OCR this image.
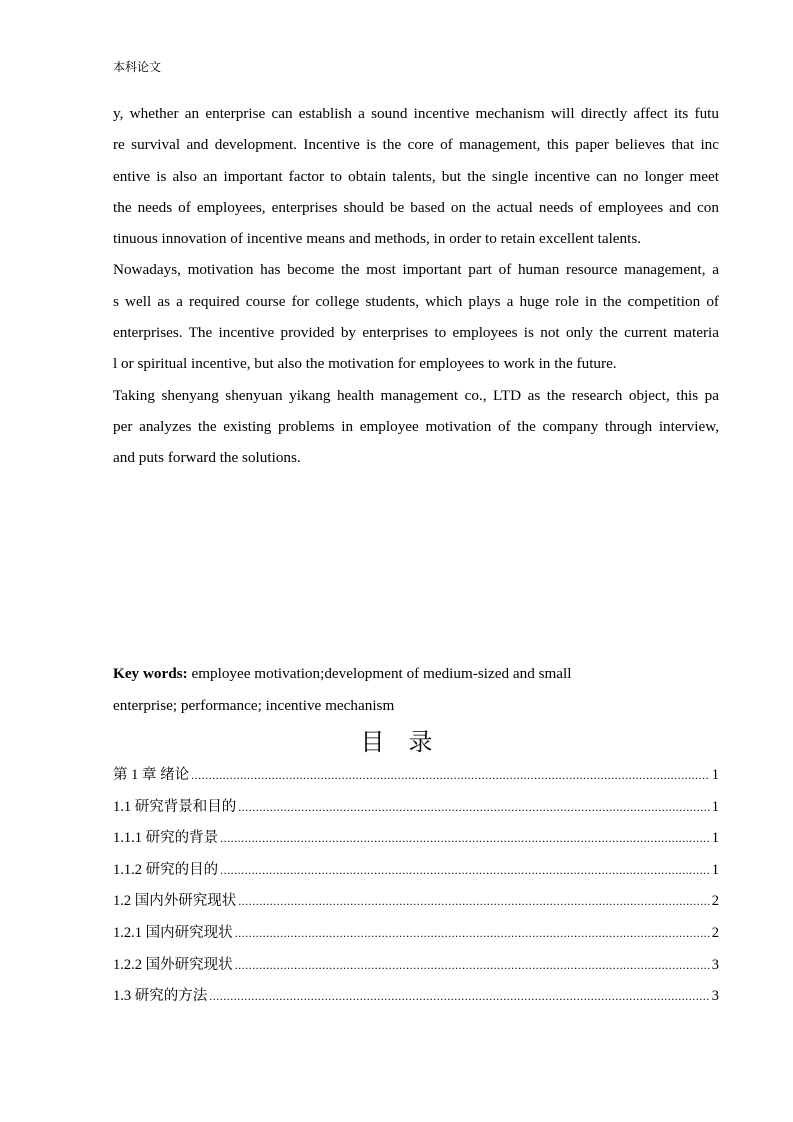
本科论文
y, whether an enterprise can establish a sound incentive mechanism will directly affect its futu
re survival and development. Incentive is the core of management, this paper believes that inc
entive is also an important factor to obtain talents, but the single incentive can no longer meet
the needs of employees, enterprises should be based on the actual needs of employees and con
tinuous innovation of incentive means and methods, in order to retain excellent talents.
Nowadays, motivation has become the most important part of human resource management, a
s well as a required course for college students, which plays a huge role in the competition of
enterprises. The incentive provided by enterprises to employees is not only the current materia
l or spiritual incentive, but also the motivation for employees to work in the future.
Taking shenyang shenyuan yikang health management co., LTD as the research object, this pa
per analyzes the existing problems in employee motivation of the company through interview,
and puts forward the solutions.
Key words: employee motivation;development of medium-sized and small
enterprise; performance; incentive mechanism
目　录
第 1 章 绪论 .....	1
1.1 研究背景和目的 .....	1
1.1.1 研究的背景 .....	1
1.1.2 研究的目的 .....	1
1.2 国内外研究现状 .....	2
1.2.1 国内研究现状 .....	2
1.2.2 国外研究现状 .....	3
1.3 研究的方法 .....	3
